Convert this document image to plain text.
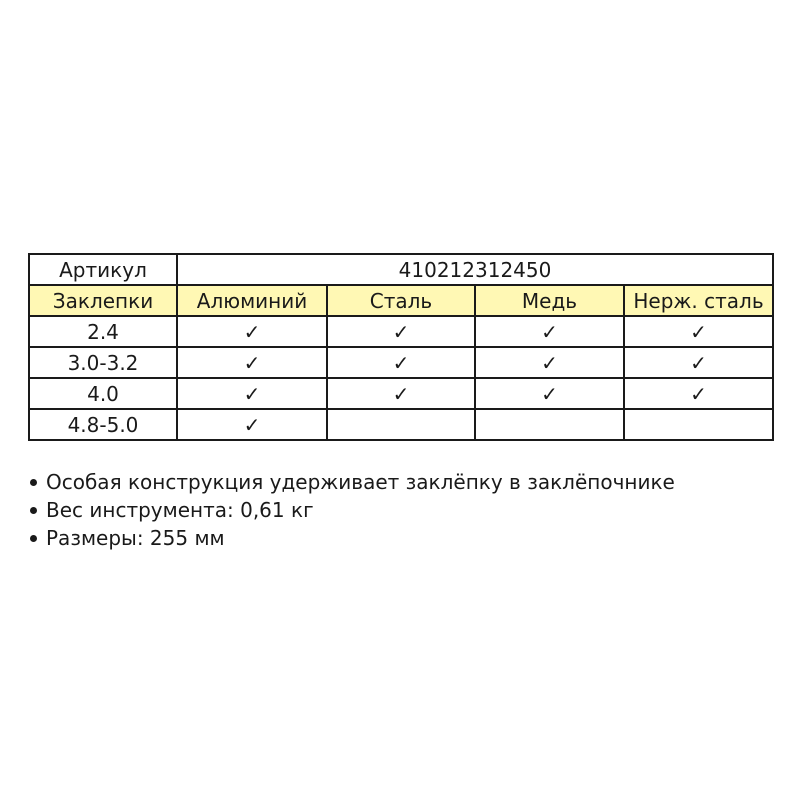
Артикул	410212312450			
Заклепки	Алюминий	Сталь	Медь	Нерж. сталь
2.4	✓	✓	✓	✓
3.0-3.2	✓	✓	✓	✓
4.0	✓	✓	✓	✓
4.8-5.0	✓			
Особая конструкция удерживает заклёпку в заклёпочнике
Вес инструмента: 0,61 кг
Размеры: 255 мм
